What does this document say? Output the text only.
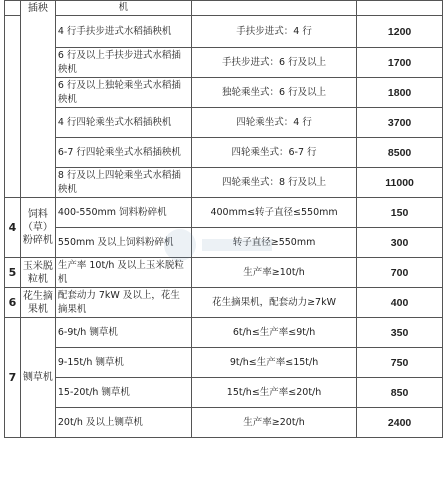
	插秧	机		
		4 行手扶步进式水稻插秧机	手扶步进式：4 行	1200
		6 行及以上手扶步进式水稻插秧机	手扶步进式：6 行及以上	1700
		6 行及以上独轮乘坐式水稻插秧机	独轮乘坐式：6 行及以上	1800
		4 行四轮乘坐式水稻插秧机	四轮乘坐式：4 行	3700
		6-7 行四轮乘坐式水稻插秧机	四轮乘坐式：6-7 行	8500
		8 行及以上四轮乘坐式水稻插秧机	四轮乘坐式：8 行及以上	11000
4	饲料（草）粉碎机	400-550mm 饲料粉碎机	400mm≤转子直径≤550mm	150
		550mm 及以上饲料粉碎机	转子直径≥550mm	300
5	玉米脱粒机	生产率 10t/h 及以上玉米脱粒机	生产率≥10t/h	700
6	花生摘果机	配套动力 7kW 及以上，花生摘果机	花生摘果机，配套动力≥7kW	400
7	铡草机	6-9t/h 铡草机	6t/h≤生产率≤9t/h	350
		9-15t/h 铡草机	9t/h≤生产率≤15t/h	750
		15-20t/h 铡草机	15t/h≤生产率≤20t/h	850
		20t/h 及以上铡草机	生产率≥20t/h	2400
